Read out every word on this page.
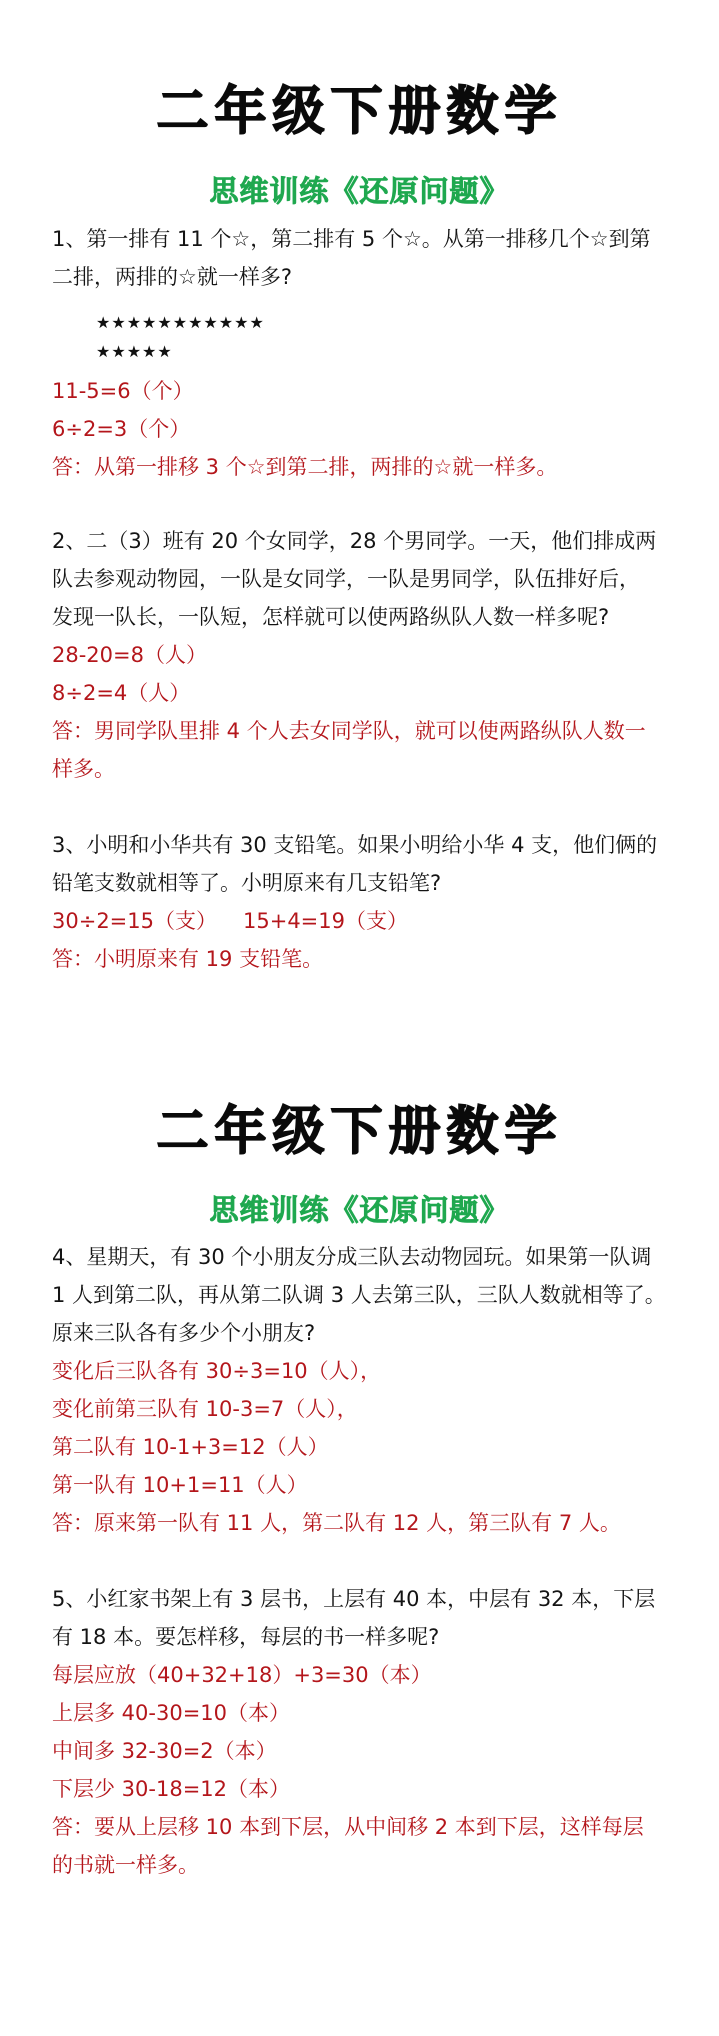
二年级下册数学
思维训练《还原问题》
1、第一排有 11 个☆，第二排有 5 个☆。从第一排移几个☆到第
二排，两排的☆就一样多?
★★★★★★★★★★★
★★★★★
11-5=6（个）
6÷2=3（个）
答：从第一排移 3 个☆到第二排，两排的☆就一样多。
2、二（3）班有 20 个女同学，28 个男同学。一天，他们排成两
队去参观动物园，一队是女同学，一队是男同学，队伍排好后，
发现一队长，一队短，怎样就可以使两路纵队人数一样多呢?
28-20=8（人）
8÷2=4（人）
答：男同学队里排 4 个人去女同学队，就可以使两路纵队人数一
样多。
3、小明和小华共有 30 支铅笔。如果小明给小华 4 支，他们俩的
铅笔支数就相等了。小明原来有几支铅笔?
30÷2=15（支） 15+4=19（支）
答：小明原来有 19 支铅笔。
二年级下册数学
思维训练《还原问题》
4、星期天，有 30 个小朋友分成三队去动物园玩。如果第一队调
1 人到第二队，再从第二队调 3 人去第三队，三队人数就相等了。
原来三队各有多少个小朋友?
变化后三队各有 30÷3=10（人），
变化前第三队有 10-3=7（人），
第二队有 10-1+3=12（人）
第一队有 10+1=11（人）
答：原来第一队有 11 人，第二队有 12 人，第三队有 7 人。
5、小红家书架上有 3 层书，上层有 40 本，中层有 32 本，下层
有 18 本。要怎样移，每层的书一样多呢?
每层应放（40+32+18）+3=30（本）
上层多 40-30=10（本）
中间多 32-30=2（本）
下层少 30-18=12（本）
答：要从上层移 10 本到下层，从中间移 2 本到下层，这样每层
的书就一样多。
